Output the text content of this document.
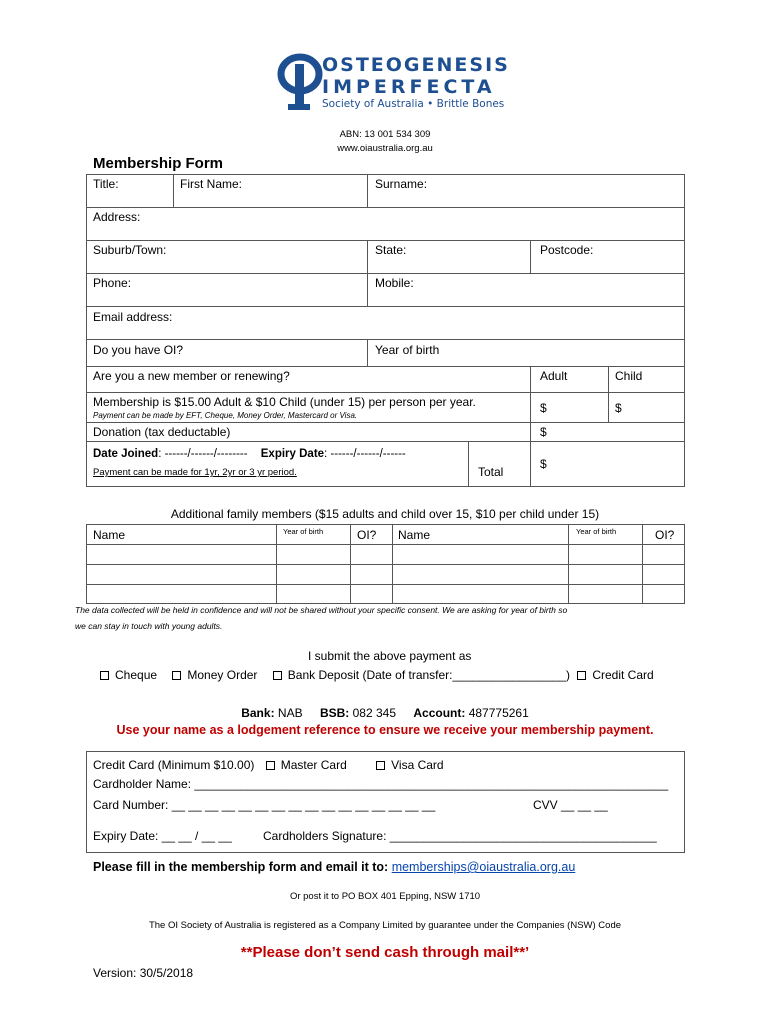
OSTEOGENESIS
IMPERFECTA
Society of Australia • Brittle Bones
ABN: 13 001 534 309
www.oiaustralia.org.au
Membership Form
Title:	First Name:	Surname:
Address:
Suburb/Town:	State:	Postcode:
Phone:	Mobile:
Email address:
Do you have OI?	Year of birth
Are you a new member or renewing?	Adult	Child
Membership is $15.00 Adult & $10 Child (under 15) per person per year.
Payment can be made by EFT, Cheque, Money Order, Mastercard or Visa.
$	$
Donation (tax deductable)	$
Date Joined: ------/------/-------- Expiry Date: ------/------/------
Payment can be made for 1yr, 2yr or 3 yr period.	Total
$
Additional family members ($15 adults and child over 15, $10 per child under 15)
Name	Year of birth	OI? Name	Year of birth	OI?
The data collected will be held in confidence and will not be shared without your specific consent. We are asking for year of birth so
we can stay in touch with young adults.
I submit the above payment as
Cheque	Money Order	Bank Deposit (Date of transfer:_________________) Credit Card
Bank: NAB BSB: 082 345 Account: 487775261
Use your name as a lodgement reference to ensure we receive your membership payment.
Credit Card (Minimum $10.00) Master Card	Visa Card
Cardholder Name: _______________________________________________________________________
Card Number: __ __ __ __ __ __ __ __ __ __ __ __ __ __ __ __	CVV __ __ __
Expiry Date: __ __ / __ __	Cardholders Signature: ________________________________________
Please fill in the membership form and email it to: memberships@oiaustralia.org.au
Or post it to PO BOX 401 Epping, NSW 1710
The OI Society of Australia is registered as a Company Limited by guarantee under the Companies (NSW) Code
**Please don’t send cash through mail**’
Version: 30/5/2018
